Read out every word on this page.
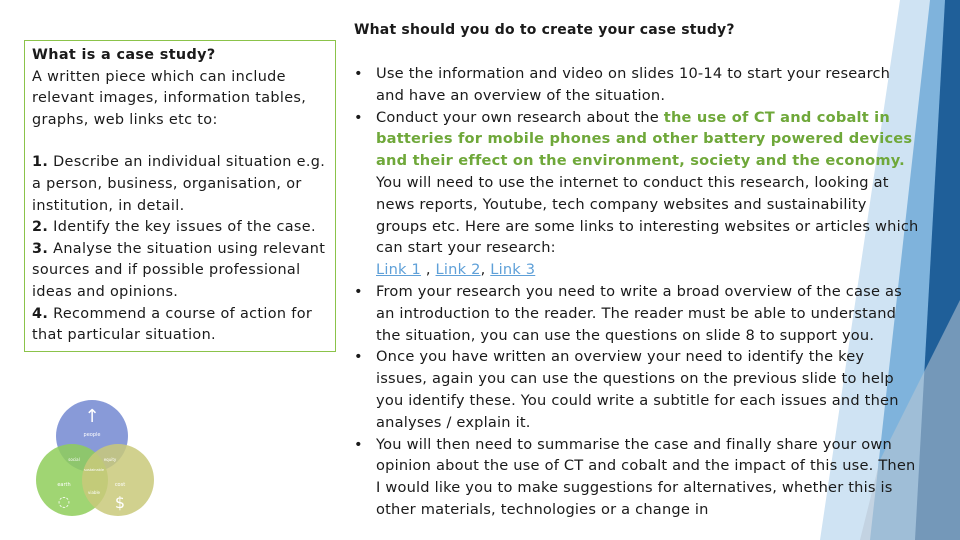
What should you do to create your case study?

What is a case study?

A written piece which can include relevant images, information tables, graphs, web links etc to:

1. Describe an individual situation e.g. a person, business, organisation, or institution, in detail.

2. Identify the key issues of the case.

3. Analyse the situation using relevant sources and if possible professional ideas and opinions.

4. Recommend a course of action for that particular situation.

• Use the information and video on slides 10-14 to start your research and have an overview of the situation.
• Conduct your own research about the the use of CT and cobalt in batteries for mobile phones and other battery powered devices and their effect on the environment, society and the economy. You will need to use the internet to conduct this research, looking at news reports, Youtube, tech company websites and sustainability groups etc. Here are some links to interesting websites or articles which can start your research:
Link 1 , Link 2, Link 3
• From your research you need to write a broad overview of the case as an introduction to the reader. The reader must be able to understand the situation, you can use the questions on slide 8 to support you.
• Once you have written an overview your need to identify the key issues, again you can use the questions on the previous slide to help you identify these. You could write a subtitle for each issues and then analyses / explain it.
• You will then need to summarise the case and finally share your own opinion about the use of CT and cobalt and the impact of this use. Then I would like you to make suggestions for alternatives, whether this is other materials, technologies or a change in
↑
people
social	equity
sustainable
earth	cost
viable
◌	$
